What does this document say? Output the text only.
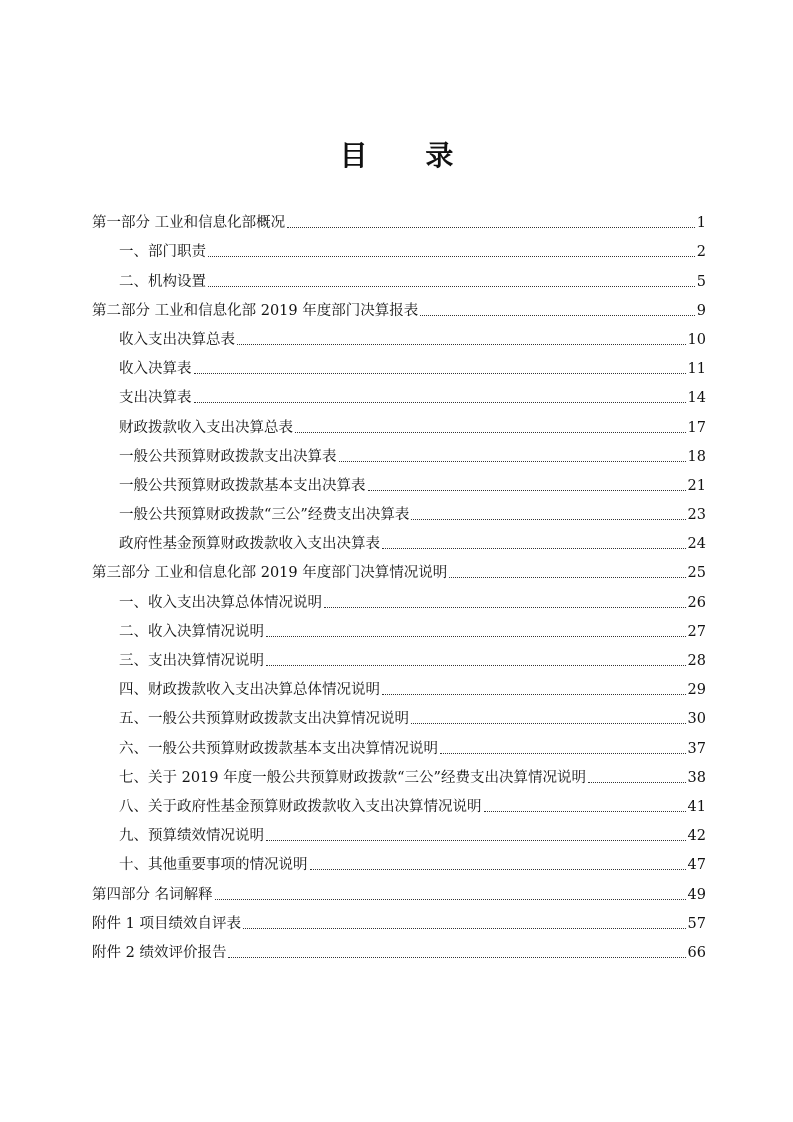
目 录
第一部分 工业和信息化部概况	1
一、部门职责	2
二、机构设置	5
第二部分 工业和信息化部 2019 年度部门决算报表	9
收入支出决算总表	10
收入决算表	11
支出决算表	14
财政拨款收入支出决算总表	17
一般公共预算财政拨款支出决算表	18
一般公共预算财政拨款基本支出决算表	21
一般公共预算财政拨款“三公”经费支出决算表	23
政府性基金预算财政拨款收入支出决算表	24
第三部分 工业和信息化部 2019 年度部门决算情况说明	25
一、收入支出决算总体情况说明	26
二、收入决算情况说明	27
三、支出决算情况说明	28
四、财政拨款收入支出决算总体情况说明	29
五、一般公共预算财政拨款支出决算情况说明	30
六、一般公共预算财政拨款基本支出决算情况说明	37
七、关于 2019 年度一般公共预算财政拨款“三公”经费支出决算情况说明	38
八、关于政府性基金预算财政拨款收入支出决算情况说明	41
九、预算绩效情况说明	42
十、其他重要事项的情况说明	47
第四部分 名词解释	49
附件 1 项目绩效自评表	57
附件 2 绩效评价报告	66
